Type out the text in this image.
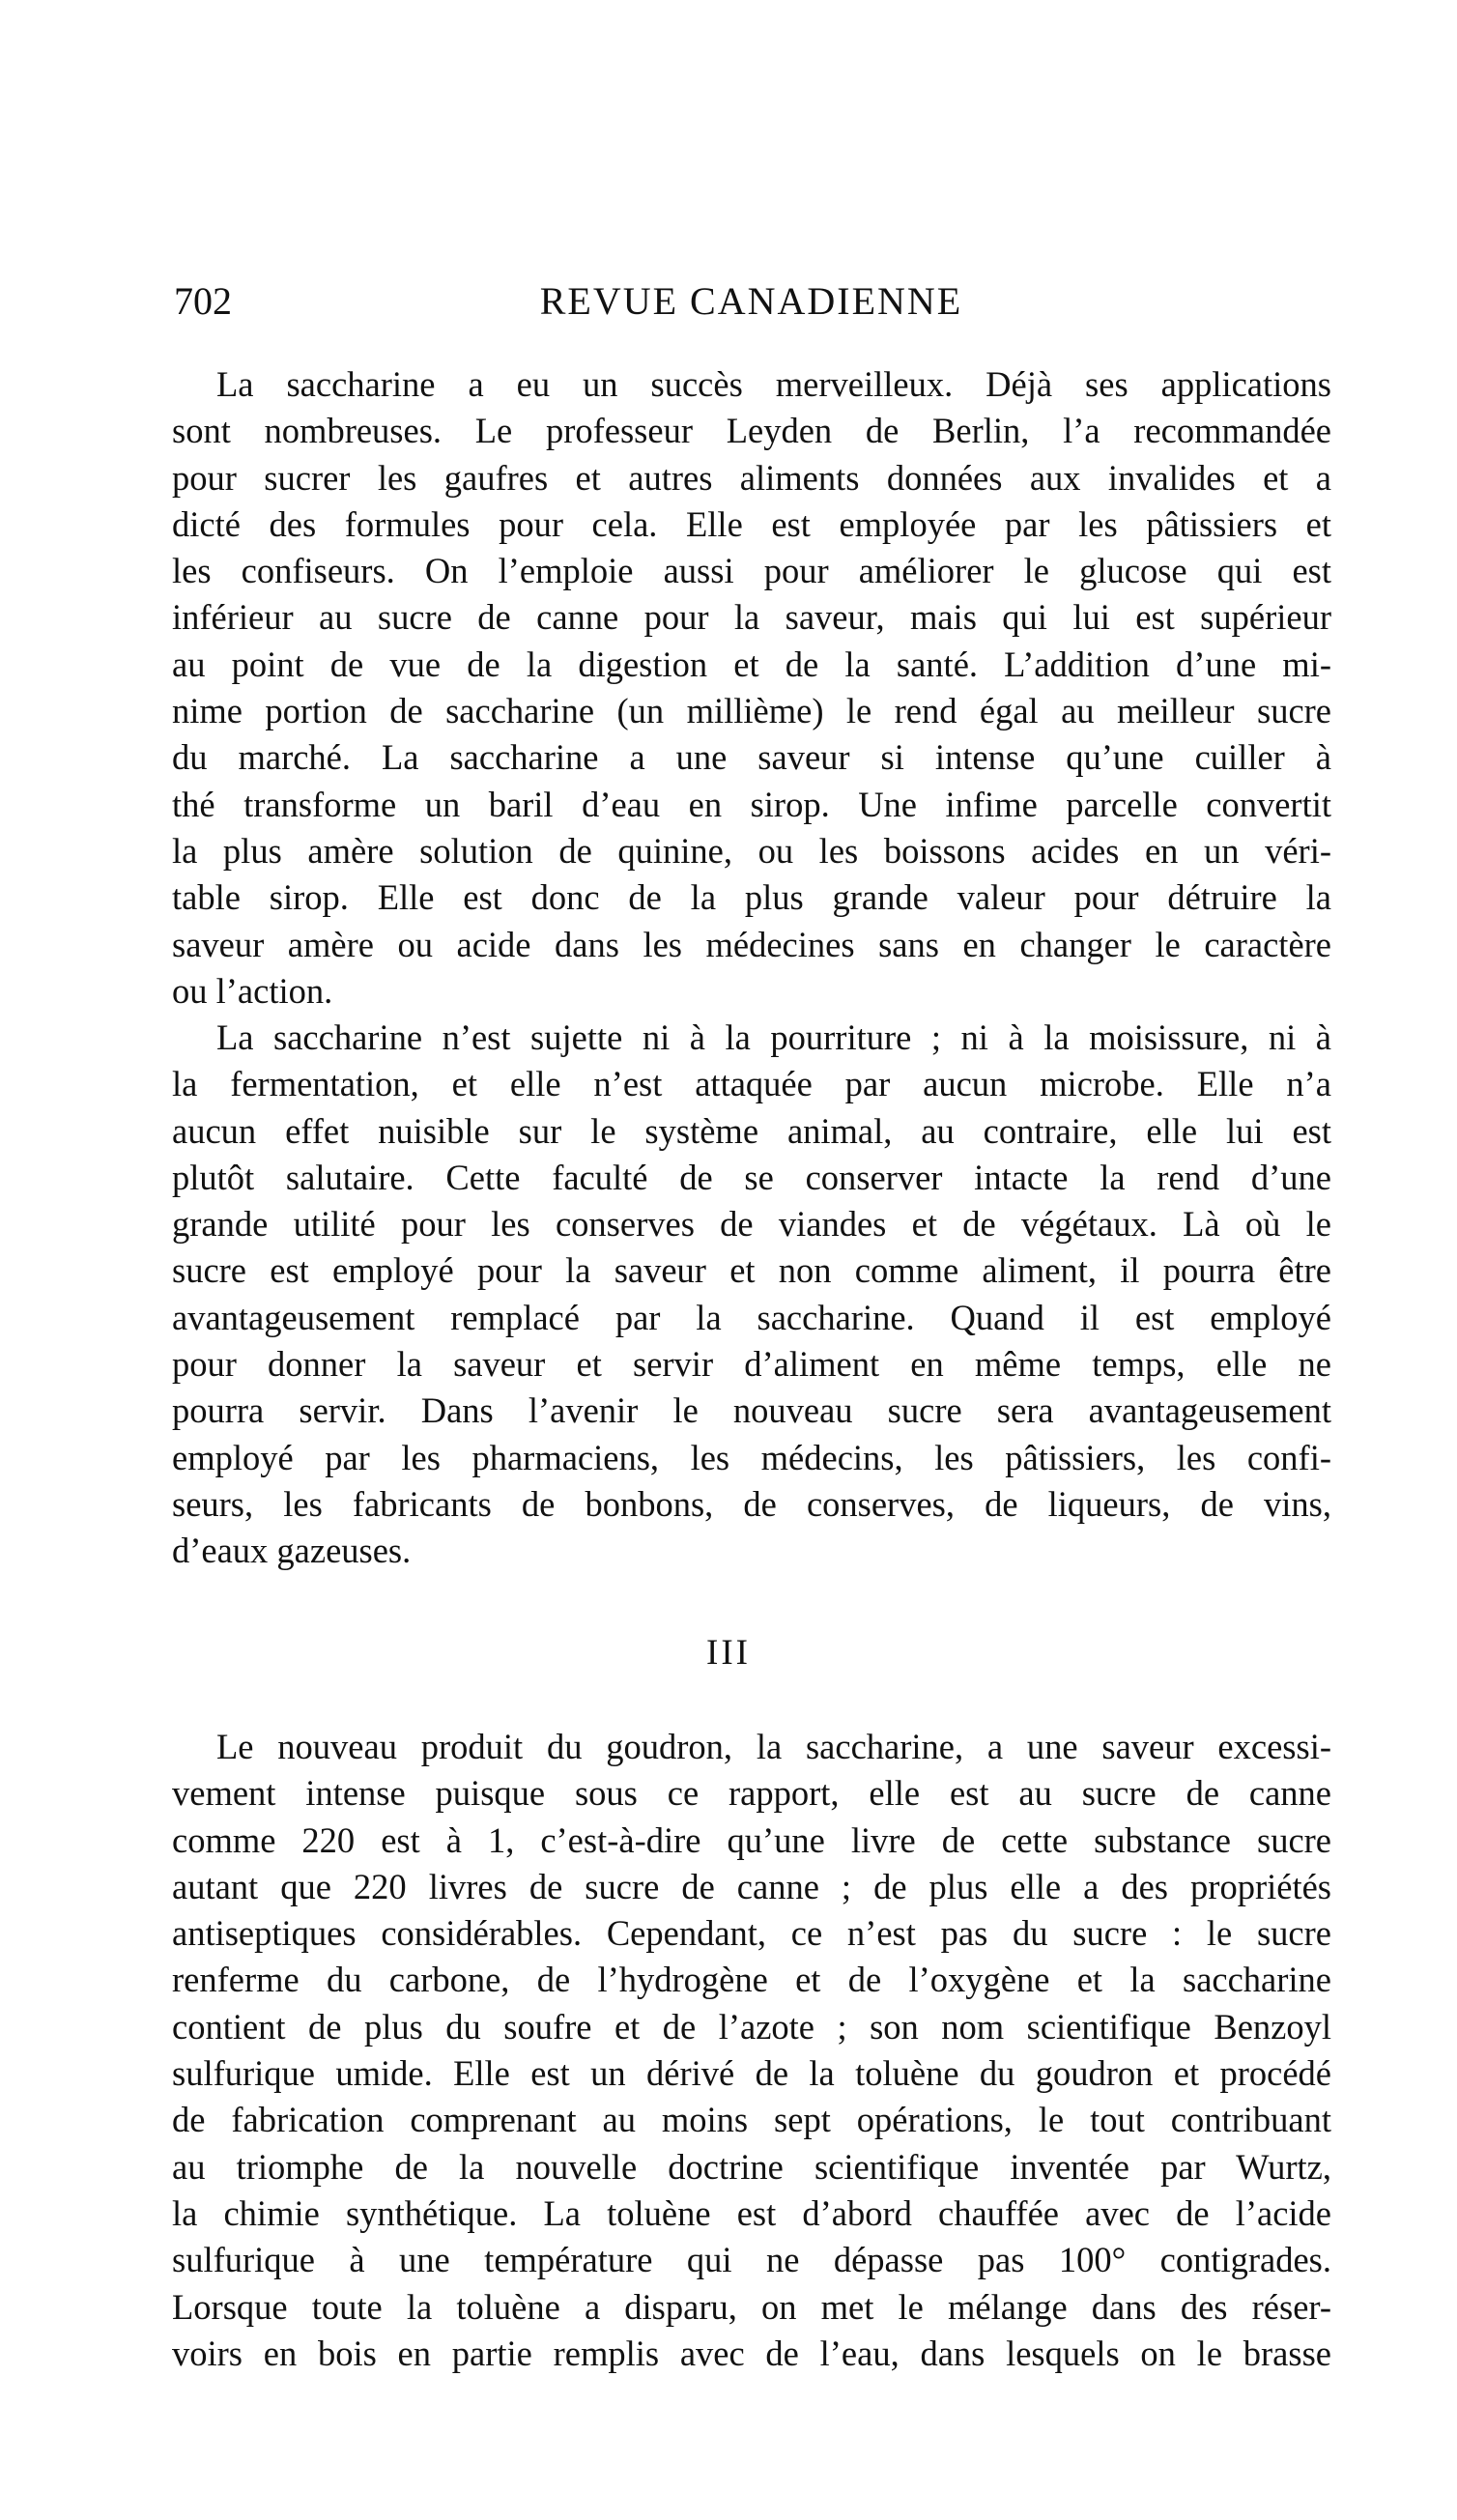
702	REVUE CANADIENNE
La saccharine a eu un succès merveilleux. Déjà ses applications
sont nombreuses. Le professeur Leyden de Berlin, l’a recommandée
pour sucrer les gaufres et autres aliments données aux invalides et a
dicté des formules pour cela. Elle est employée par les pâtissiers et
les confiseurs. On l’emploie aussi pour améliorer le glucose qui est
inférieur au sucre de canne pour la saveur, mais qui lui est supérieur
au point de vue de la digestion et de la santé. L’addition d’une mi-
nime portion de saccharine (un millième) le rend égal au meilleur sucre
du marché. La saccharine a une saveur si intense qu’une cuiller à
thé transforme un baril d’eau en sirop. Une infime parcelle convertit
la plus amère solution de quinine, ou les boissons acides en un véri-
table sirop. Elle est donc de la plus grande valeur pour détruire la
saveur amère ou acide dans les médecines sans en changer le caractère
ou l’action.
La saccharine n’est sujette ni à la pourriture ; ni à la moisissure, ni à
la fermentation, et elle n’est attaquée par aucun microbe. Elle n’a
aucun effet nuisible sur le système animal, au contraire, elle lui est
plutôt salutaire. Cette faculté de se conserver intacte la rend d’une
grande utilité pour les conserves de viandes et de végétaux. Là où le
sucre est employé pour la saveur et non comme aliment, il pourra être
avantageusement remplacé par la saccharine. Quand il est employé
pour donner la saveur et servir d’aliment en même temps, elle ne
pourra servir. Dans l’avenir le nouveau sucre sera avantageusement
employé par les pharmaciens, les médecins, les pâtissiers, les confi-
seurs, les fabricants de bonbons, de conserves, de liqueurs, de vins,
d’eaux gazeuses.
III
Le nouveau produit du goudron, la saccharine, a une saveur excessi-
vement intense puisque sous ce rapport, elle est au sucre de canne
comme 220 est à 1, c’est-à-dire qu’une livre de cette substance sucre
autant que 220 livres de sucre de canne ; de plus elle a des propriétés
antiseptiques considérables. Cependant, ce n’est pas du sucre : le sucre
renferme du carbone, de l’hydrogène et de l’oxygène et la saccharine
contient de plus du soufre et de l’azote ; son nom scientifique Benzoyl
sulfurique umide. Elle est un dérivé de la toluène du goudron et procédé
de fabrication comprenant au moins sept opérations, le tout contribuant
au triomphe de la nouvelle doctrine scientifique inventée par Wurtz,
la chimie synthétique. La toluène est d’abord chauffée avec de l’acide
sulfurique à une température qui ne dépasse pas 100° contigrades.
Lorsque toute la toluène a disparu, on met le mélange dans des réser-
voirs en bois en partie remplis avec de l’eau, dans lesquels on le brasse
